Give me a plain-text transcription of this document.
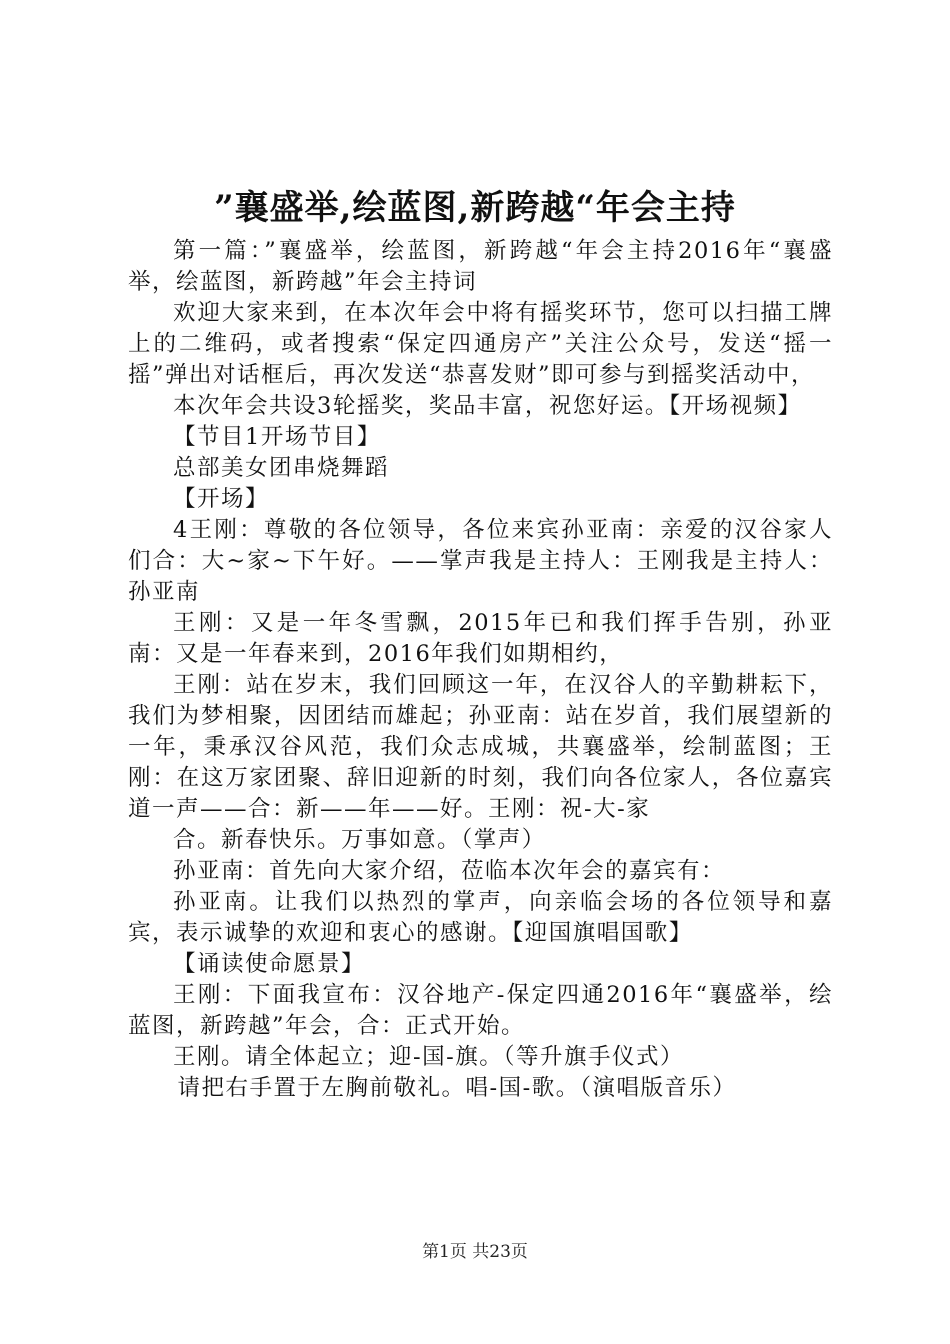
”襄盛举,绘蓝图,新跨越“年会主持

第一篇：”襄盛举，绘蓝图，新跨越“年会主持2016年“襄盛举，绘蓝图，新跨越”年会主持词

欢迎大家来到，在本次年会中将有摇奖环节，您可以扫描工牌上的二维码，或者搜索“保定四通房产”关注公众号，发送“摇一摇”弹出对话框后，再次发送“恭喜发财”即可参与到摇奖活动中，

本次年会共设3轮摇奖，奖品丰富，祝您好运。【开场视频】

【节目1开场节目】

总部美女团串烧舞蹈

【开场】

4王刚：尊敬的各位领导，各位来宾孙亚南：亲爱的汉谷家人们合：大~家~下午好。——掌声我是主持人：王刚我是主持人：孙亚南

王刚：又是一年冬雪飘，2015年已和我们挥手告别，孙亚南：又是一年春来到，2016年我们如期相约，

王刚：站在岁末，我们回顾这一年，在汉谷人的辛勤耕耘下，我们为梦相聚，因团结而雄起；孙亚南：站在岁首，我们展望新的一年，秉承汉谷风范，我们众志成城，共襄盛举，绘制蓝图；王刚：在这万家团聚、辞旧迎新的时刻，我们向各位家人，各位嘉宾道一声——合：新——年——好。王刚：祝-大-家

合。新春快乐。万事如意。（掌声）

孙亚南：首先向大家介绍，莅临本次年会的嘉宾有：

孙亚南。让我们以热烈的掌声，向亲临会场的各位领导和嘉宾，表示诚挚的欢迎和衷心的感谢。【迎国旗唱国歌】

【诵读使命愿景】

王刚：下面我宣布：汉谷地产-保定四通2016年“襄盛举，绘蓝图，新跨越”年会，合：正式开始。

王刚。请全体起立；迎-国-旗。（等升旗手仪式）

请把右手置于左胸前敬礼。唱-国-歌。（演唱版音乐）

第1页 共23页
